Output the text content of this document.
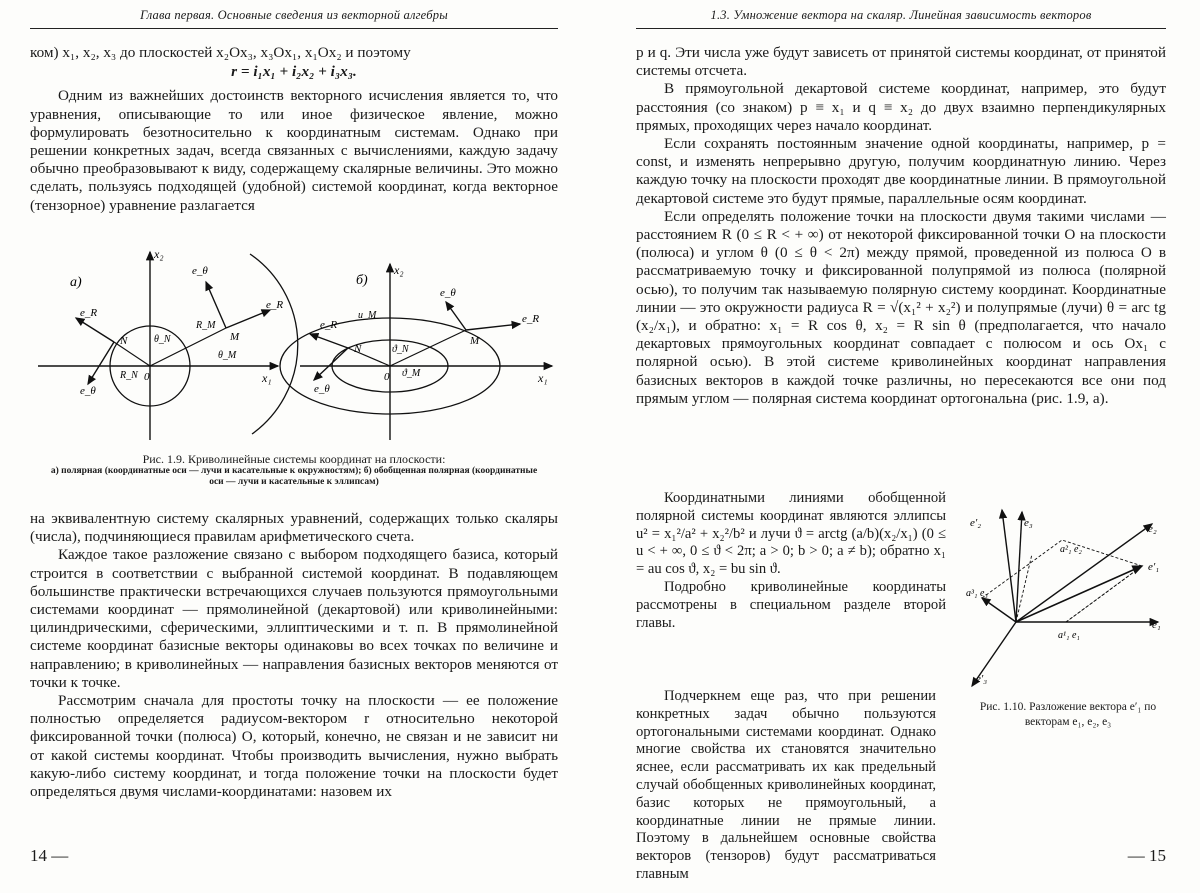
Глава первая. Основные сведения из векторной алгебры

ком) x₁, x₂, x₃ до плоскостей x₂Ox₃, x₃Ox₁, x₁Ox₂ и поэтому

r = i₁x₁ + i₂x₂ + i₃x₃.

Одним из важнейших достоинств векторного исчисления является то, что уравнения, описывающие то или иное физическое явление, можно формулировать безотносительно к координатным системам. Однако при решении конкретных задач, всегда связанных с вычислениями, каждую задачу обычно преобразовывают к виду, содержащему скалярные величины. Это можно сделать, пользуясь подходящей (удобной) системой координат, когда векторное (тензорное) уравнение разлагается

x₂
x₁
а)
e_R
e_θ
N	M
0
R_N
R_M
θ_N
θ_M
e_R
e_θ
б)
x₂
x₁
e_R
e_θ
N
M
0
u_M
ϑ_N
ϑ_M
e_R
e_θ
Рис. 1.9. Криволинейные системы координат на плоскости:
а) полярная (координатные оси — лучи и касательные к окружностям); б) обобщенная полярная (координатные оси — лучи и касательные к эллипсам)

на эквивалентную систему скалярных уравнений, содержащих только скаляры (числа), подчиняющиеся правилам арифметического счета.

Каждое такое разложение связано с выбором подходящего базиса, который строится в соответствии с выбранной системой координат. В подавляющем большинстве практически встречающихся случаев пользуются прямоугольными системами координат — прямолинейной (декартовой) или криволинейными: цилиндрическими, сферическими, эллиптическими и т. п. В прямолинейной системе координат базисные векторы одинаковы во всех точках по величине и направлению; в криволинейных — направления базисных векторов меняются от точки к точке.

Рассмотрим сначала для простоты точку на плоскости — ее положение полностью определяется радиусом-вектором r относительно некоторой фиксированной точки (полюса) O, который, конечно, не связан и не зависит ни от какой системы координат. Чтобы производить вычисления, нужно выбрать какую-либо систему координат, и тогда положение точки на плоскости будет определяться двумя числами-координатами: назовем их

14 —
1.3. Умножение вектора на скаляр. Линейная зависимость векторов

p и q. Эти числа уже будут зависеть от принятой системы координат, от принятой системы отсчета.

В прямоугольной декартовой системе координат, например, это будут расстояния (со знаком) p ≡ x₁ и q ≡ x₂ до двух взаимно перпендикулярных прямых, проходящих через начало координат.

Если сохранять постоянным значение одной координаты, например, p = const, и изменять непрерывно другую, получим координатную линию. Через каждую точку на плоскости проходят две координатные линии. В прямоугольной декартовой системе это будут прямые, параллельные осям координат.

Если определять положение точки на плоскости двумя такими числами — расстоянием R (0 ≤ R < + ∞) от некоторой фиксированной точки O на плоскости (полюса) и углом θ (0 ≤ θ < 2π) между прямой, проведенной из полюса O в рассматриваемую точку и фиксированной полупрямой из полюса (полярной осью), то получим так называемую полярную систему координат. Координатные линии — это окружности радиуса R = √(x₁² + x₂²) и полупрямые (лучи) θ = arc tg (x₂/x₁), и обратно: x₁ = R cos θ, x₂ = R sin θ (предполагается, что начало декартовых прямоугольных координат совпадает с полюсом и ось Ox₁ с полярной осью). В этой системе криволинейных координат направления базисных векторов в каждой точке различны, но пересекаются все они под прямым углом — полярная система координат ортогональна (рис. 1.9, а).

Координатными линиями обобщенной полярной системы координат являются эллипсы u² = x₁²/a² + x₂²/b² и лучи ϑ = arctg (a/b)(x₂/x₁) (0 ≤ u < + ∞, 0 ≤ ϑ < 2π; a > 0; b > 0; a ≠ b); обратно x₁ = au cos ϑ, x₂ = bu sin ϑ.

Подробно криволинейные координаты рассмотрены в специальном разделе второй главы.

e′₂	e₃	e₂
e′₁
e₁
a²₁ e₂
a³₁ e₃
a¹₁ e₁
e′₃
Рис. 1.10. Разложение вектора e′₁ по векторам e₁, e₂, e₃

Подчеркнем еще раз, что при решении конкретных задач обычно пользуются ортогональными системами координат. Однако многие свойства их становятся значительно яснее, если рассматривать их как предельный случай обобщенных криволинейных координат, базис которых не прямоугольный, а координатные линии не прямые линии. Поэтому в дальнейшем основные свойства векторов (тензоров) будут рассматриваться главным

— 15
